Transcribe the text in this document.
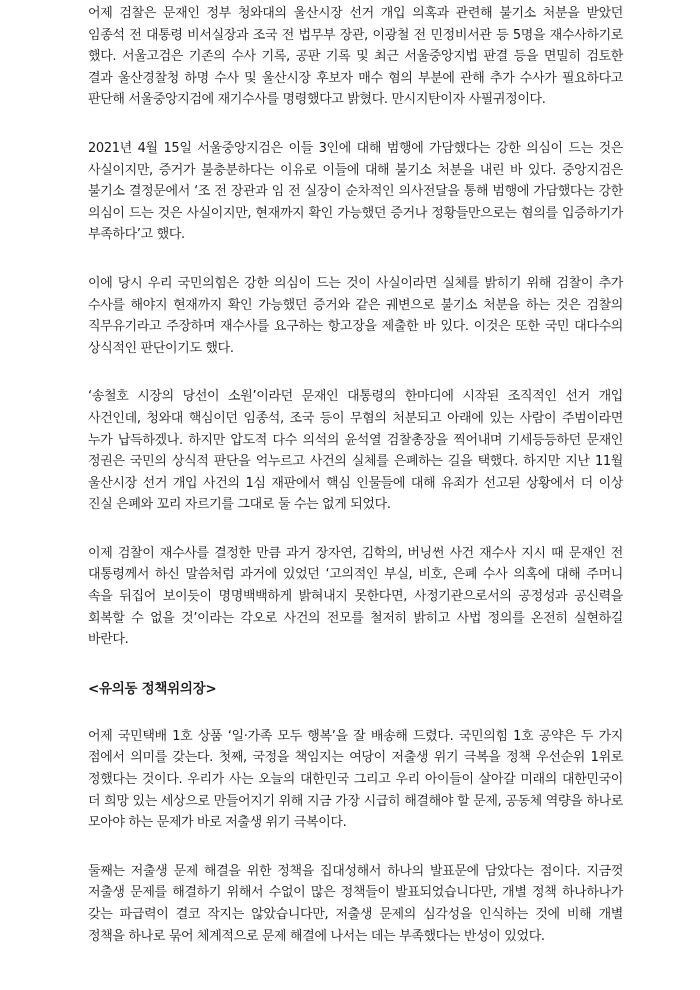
어제 검찰은 문재인 정부 청와대의 울산시장 선거 개입 의혹과 관련해 불기소 처분을 받았던 임종석 전 대통령 비서실장과 조국 전 법무부 장관, 이광철 전 민정비서관 등 5명을 재수사하기로 했다. 서울고검은 기존의 수사 기록, 공판 기록 및 최근 서울중앙지법 판결 등을 면밀히 검토한 결과 울산경찰청 하명 수사 및 울산시장 후보자 매수 혐의 부분에 관해 추가 수사가 필요하다고 판단해 서울중앙지검에 재기수사를 명령했다고 밝혔다. 만시지탄이자 사필귀정이다.

2021년 4월 15일 서울중앙지검은 이들 3인에 대해 범행에 가담했다는 강한 의심이 드는 것은 사실이지만, 증거가 불충분하다는 이유로 이들에 대해 불기소 처분을 내린 바 있다. 중앙지검은 불기소 결정문에서 ‘조 전 장관과 임 전 실장이 순차적인 의사전달을 통해 범행에 가담했다는 강한 의심이 드는 것은 사실이지만, 현재까지 확인 가능했던 증거나 정황들만으로는 혐의를 입증하기가 부족하다’고 했다.

이에 당시 우리 국민의힘은 강한 의심이 드는 것이 사실이라면 실체를 밝히기 위해 검찰이 추가 수사를 해야지 현재까지 확인 가능했던 증거와 같은 궤변으로 불기소 처분을 하는 것은 검찰의 직무유기라고 주장하며 재수사를 요구하는 항고장을 제출한 바 있다. 이것은 또한 국민 대다수의 상식적인 판단이기도 했다.

‘송철호 시장의 당선이 소원’이라던 문재인 대통령의 한마디에 시작된 조직적인 선거 개입 사건인데, 청와대 핵심이던 임종석, 조국 등이 무혐의 처분되고 아래에 있는 사람이 주범이라면 누가 납득하겠나. 하지만 압도적 다수 의석의 윤석열 검찰총장을 찍어내며 기세등등하던 문재인 정권은 국민의 상식적 판단을 억누르고 사건의 실체를 은폐하는 길을 택했다. 하지만 지난 11월 울산시장 선거 개입 사건의 1심 재판에서 핵심 인물들에 대해 유죄가 선고된 상황에서 더 이상 진실 은폐와 꼬리 자르기를 그대로 둘 수는 없게 되었다.

이제 검찰이 재수사를 결정한 만큼 과거 장자연, 김학의, 버닝썬 사건 재수사 지시 때 문재인 전 대통령께서 하신 말씀처럼 과거에 있었던 ‘고의적인 부실, 비호, 은폐 수사 의혹에 대해 주머니 속을 뒤집어 보이듯이 명명백백하게 밝혀내지 못한다면, 사정기관으로서의 공정성과 공신력을 회복할 수 없을 것’이라는 각오로 사건의 전모를 철저히 밝히고 사법 정의를 온전히 실현하길 바란다.

<유의동 정책위의장>

어제 국민택배 1호 상품 ‘일·가족 모두 행복’을 잘 배송해 드렸다. 국민의힘 1호 공약은 두 가지 점에서 의미를 갖는다. 첫째, 국정을 책임지는 여당이 저출생 위기 극복을 정책 우선순위 1위로 정했다는 것이다. 우리가 사는 오늘의 대한민국 그리고 우리 아이들이 살아갈 미래의 대한민국이 더 희망 있는 세상으로 만들어지기 위해 지금 가장 시급히 해결해야 할 문제, 공동체 역량을 하나로 모아야 하는 문제가 바로 저출생 위기 극복이다.

둘째는 저출생 문제 해결을 위한 정책을 집대성해서 하나의 발표문에 담았다는 점이다. 지금껏 저출생 문제를 해결하기 위해서 수없이 많은 정책들이 발표되었습니다만, 개별 정책 하나하나가 갖는 파급력이 결코 작지는 않았습니다만, 저출생 문제의 심각성을 인식하는 것에 비해 개별 정책을 하나로 묶어 체계적으로 문제 해결에 나서는 데는 부족했다는 반성이 있었다.
